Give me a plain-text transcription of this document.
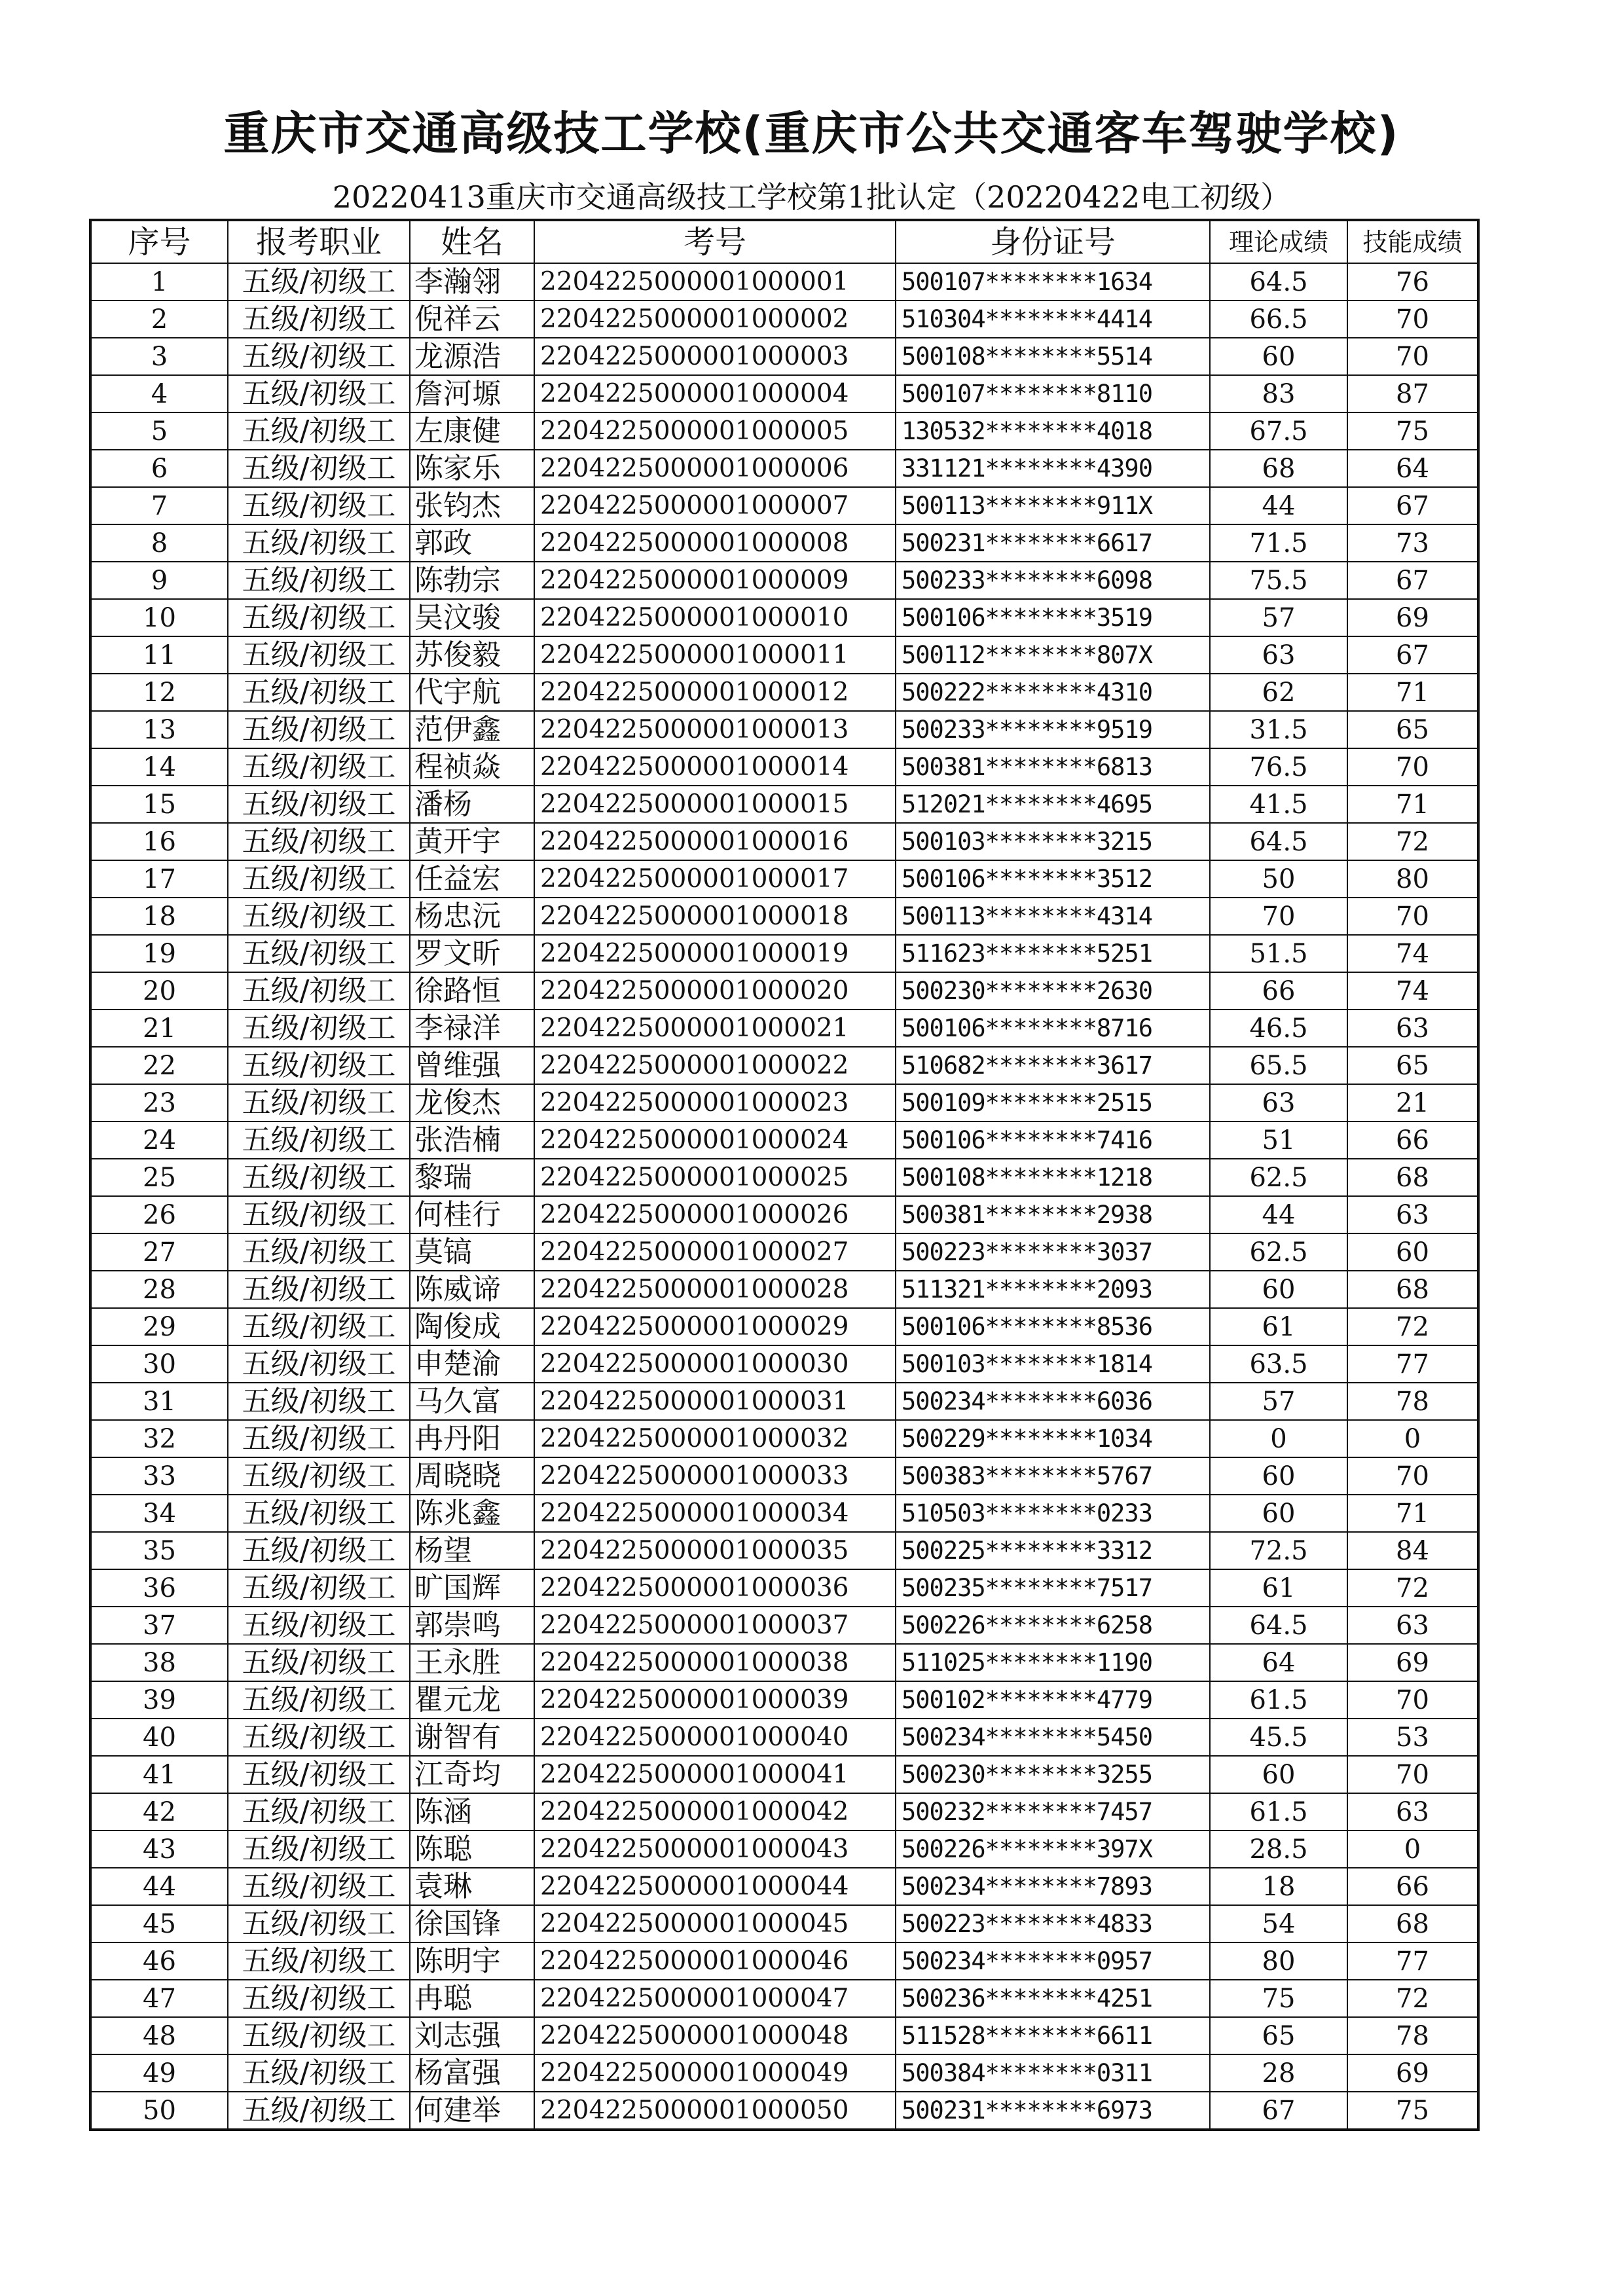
重庆市交通高级技工学校(重庆市公共交通客车驾驶学校)
20220413重庆市交通高级技工学校第1批认定（20220422电工初级）
序号	报考职业	姓名	考号	身份证号	理论成绩	技能成绩
1	五级/初级工	李瀚翎	2204225000001000001	500107********1634	64.5	76
2	五级/初级工	倪祥云	2204225000001000002	510304********4414	66.5	70
3	五级/初级工	龙源浩	2204225000001000003	500108********5514	60	70
4	五级/初级工	詹河塬	2204225000001000004	500107********8110	83	87
5	五级/初级工	左康健	2204225000001000005	130532********4018	67.5	75
6	五级/初级工	陈家乐	2204225000001000006	331121********4390	68	64
7	五级/初级工	张钧杰	2204225000001000007	500113********911X	44	67
8	五级/初级工	郭政	2204225000001000008	500231********6617	71.5	73
9	五级/初级工	陈勃宗	2204225000001000009	500233********6098	75.5	67
10	五级/初级工	吴汶骏	2204225000001000010	500106********3519	57	69
11	五级/初级工	苏俊毅	2204225000001000011	500112********807X	63	67
12	五级/初级工	代宇航	2204225000001000012	500222********4310	62	71
13	五级/初级工	范伊鑫	2204225000001000013	500233********9519	31.5	65
14	五级/初级工	程祯焱	2204225000001000014	500381********6813	76.5	70
15	五级/初级工	潘杨	2204225000001000015	512021********4695	41.5	71
16	五级/初级工	黄开宇	2204225000001000016	500103********3215	64.5	72
17	五级/初级工	任益宏	2204225000001000017	500106********3512	50	80
18	五级/初级工	杨忠沅	2204225000001000018	500113********4314	70	70
19	五级/初级工	罗文昕	2204225000001000019	511623********5251	51.5	74
20	五级/初级工	徐路恒	2204225000001000020	500230********2630	66	74
21	五级/初级工	李禄洋	2204225000001000021	500106********8716	46.5	63
22	五级/初级工	曾维强	2204225000001000022	510682********3617	65.5	65
23	五级/初级工	龙俊杰	2204225000001000023	500109********2515	63	21
24	五级/初级工	张浩楠	2204225000001000024	500106********7416	51	66
25	五级/初级工	黎瑞	2204225000001000025	500108********1218	62.5	68
26	五级/初级工	何桂行	2204225000001000026	500381********2938	44	63
27	五级/初级工	莫镐	2204225000001000027	500223********3037	62.5	60
28	五级/初级工	陈威谛	2204225000001000028	511321********2093	60	68
29	五级/初级工	陶俊成	2204225000001000029	500106********8536	61	72
30	五级/初级工	申楚渝	2204225000001000030	500103********1814	63.5	77
31	五级/初级工	马久富	2204225000001000031	500234********6036	57	78
32	五级/初级工	冉丹阳	2204225000001000032	500229********1034	0	0
33	五级/初级工	周晓晓	2204225000001000033	500383********5767	60	70
34	五级/初级工	陈兆鑫	2204225000001000034	510503********0233	60	71
35	五级/初级工	杨望	2204225000001000035	500225********3312	72.5	84
36	五级/初级工	旷国辉	2204225000001000036	500235********7517	61	72
37	五级/初级工	郭崇鸣	2204225000001000037	500226********6258	64.5	63
38	五级/初级工	王永胜	2204225000001000038	511025********1190	64	69
39	五级/初级工	瞿元龙	2204225000001000039	500102********4779	61.5	70
40	五级/初级工	谢智有	2204225000001000040	500234********5450	45.5	53
41	五级/初级工	江奇均	2204225000001000041	500230********3255	60	70
42	五级/初级工	陈涵	2204225000001000042	500232********7457	61.5	63
43	五级/初级工	陈聪	2204225000001000043	500226********397X	28.5	0
44	五级/初级工	袁琳	2204225000001000044	500234********7893	18	66
45	五级/初级工	徐国锋	2204225000001000045	500223********4833	54	68
46	五级/初级工	陈明宇	2204225000001000046	500234********0957	80	77
47	五级/初级工	冉聪	2204225000001000047	500236********4251	75	72
48	五级/初级工	刘志强	2204225000001000048	511528********6611	65	78
49	五级/初级工	杨富强	2204225000001000049	500384********0311	28	69
50	五级/初级工	何建举	2204225000001000050	500231********6973	67	75
